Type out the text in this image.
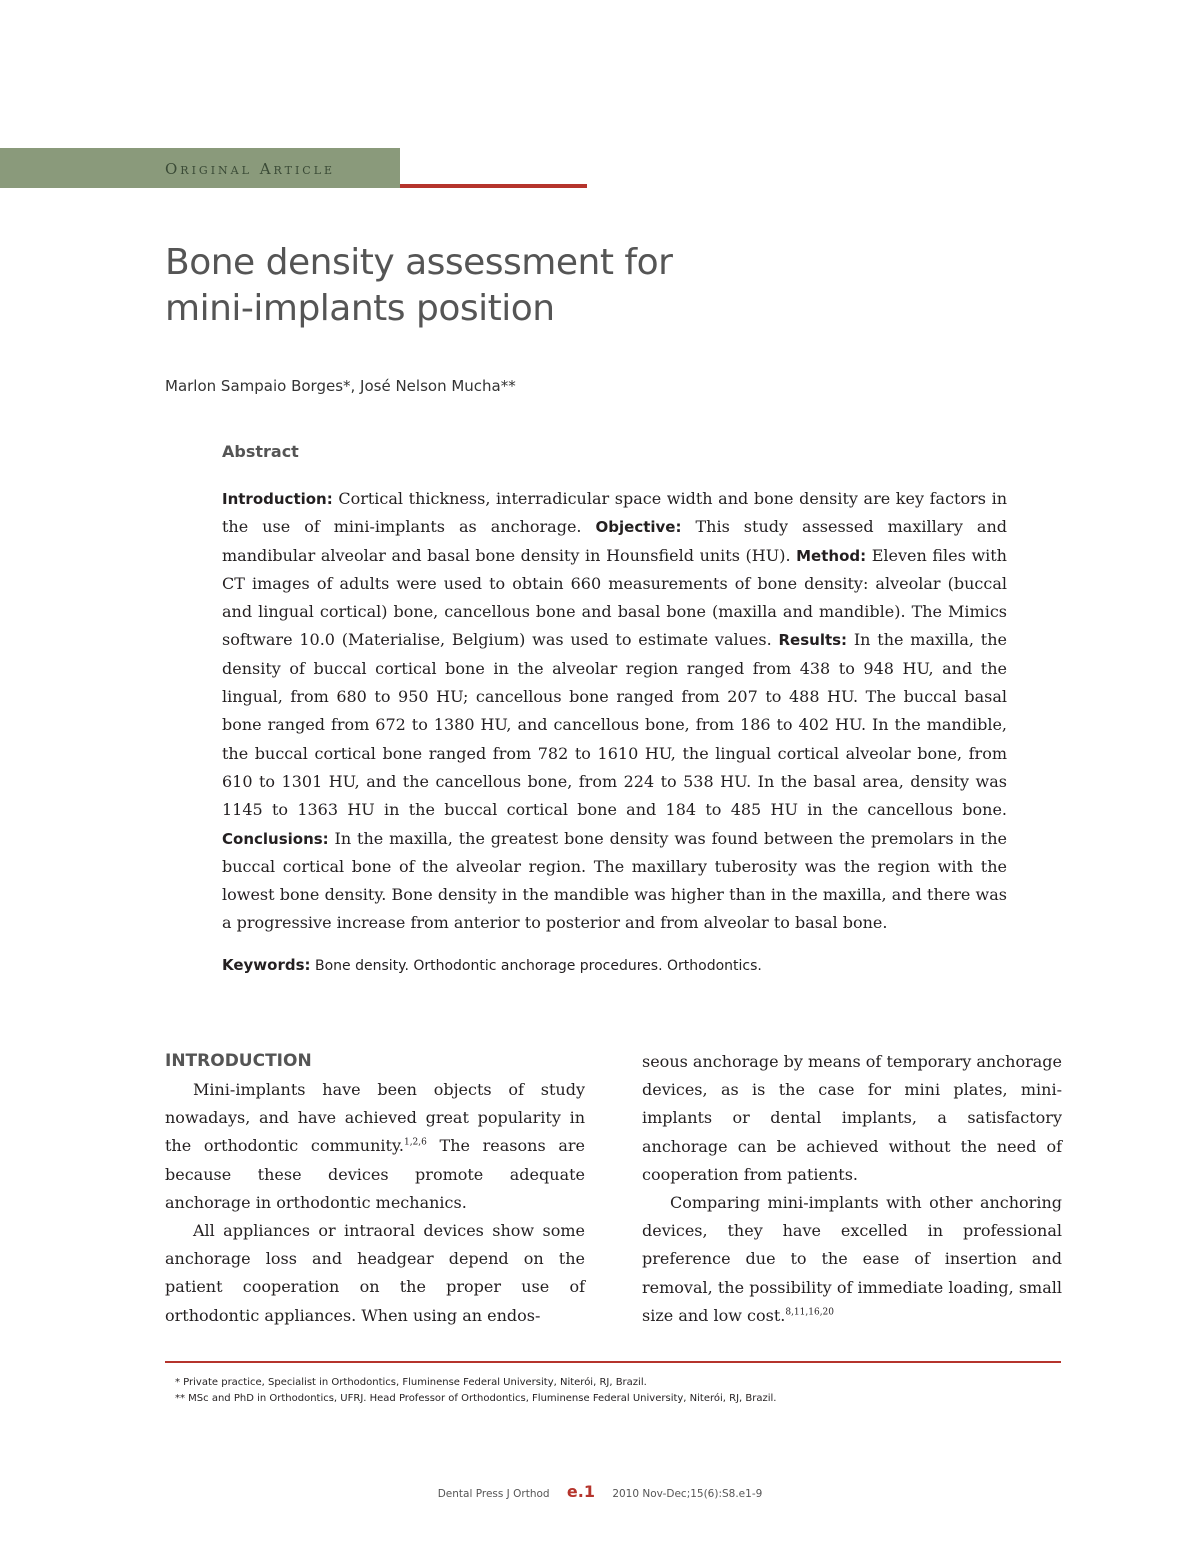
Original Article
Bone density assessment for
mini-implants position
Marlon Sampaio Borges*, José Nelson Mucha**
Abstract
Introduction: Cortical thickness, interradicular space width and bone density are key factors in the use of mini-implants as anchorage. Objective: This study assessed maxillary and mandibular alveolar and basal bone density in Hounsfield units (HU). Method: Eleven files with CT images of adults were used to obtain 660 measurements of bone density: alveolar (buccal and lingual cortical) bone, cancellous bone and basal bone (maxilla and mandible). The Mimics software 10.0 (Materialise, Belgium) was used to estimate values. Results: In the maxilla, the density of buccal cortical bone in the alveolar region ranged from 438 to 948 HU, and the lingual, from 680 to 950 HU; cancellous bone ranged from 207 to 488 HU. The buccal basal bone ranged from 672 to 1380 HU, and cancellous bone, from 186 to 402 HU. In the mandible, the buccal cortical bone ranged from 782 to 1610 HU, the lingual cortical alveolar bone, from 610 to 1301 HU, and the cancellous bone, from 224 to 538 HU. In the basal area, density was 1145 to 1363 HU in the buccal cortical bone and 184 to 485 HU in the cancellous bone. Conclusions: In the maxilla, the greatest bone density was found between the premolars in the buccal cortical bone of the alveolar region. The maxillary tuberosity was the region with the lowest bone density. Bone density in the mandible was higher than in the maxilla, and there was a progressive increase from anterior to posterior and from alveolar to basal bone.
Keywords: Bone density. Orthodontic anchorage procedures. Orthodontics.
INTRODUCTION

Mini-implants have been objects of study nowadays, and have achieved great popularity in the orthodontic community.$^{1,2,6}$ The reasons are because these devices promote adequate anchorage in orthodontic mechanics.

All appliances or intraoral devices show some anchorage loss and headgear depend on the patient cooperation on the proper use of orthodontic appliances. When using an endos-

seous anchorage by means of temporary anchorage devices, as is the case for mini plates, mini-implants or dental implants, a satisfactory anchorage can be achieved without the need of cooperation from patients.

Comparing mini-implants with other anchoring devices, they have excelled in professional preference due to the ease of insertion and removal, the possibility of immediate loading, small size and low cost.$^{8,11,16,20}$

* Private practice, Specialist in Orthodontics, Fluminense Federal University, Niterói, RJ, Brazil.
** MSc and PhD in Orthodontics, UFRJ. Head Professor of Orthodontics, Fluminense Federal University, Niterói, RJ, Brazil.
Dental Press J Orthod e.1 2010 Nov-Dec;15(6):S8.e1-9
